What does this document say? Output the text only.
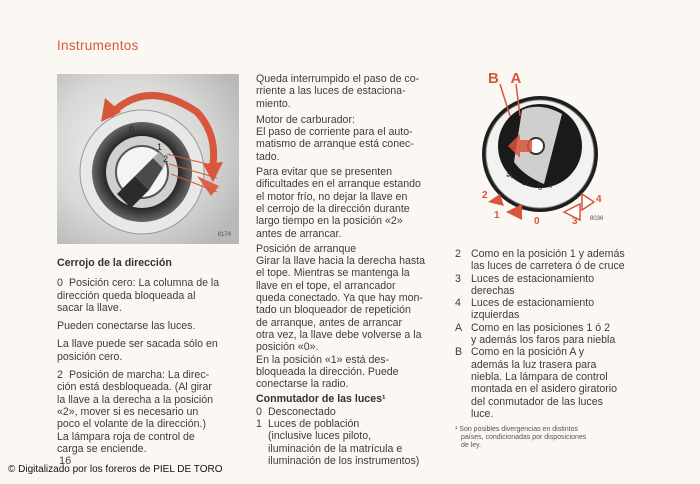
Instrumentos
0
1
2
8174

Cerrojo de la dirección

0 Posición cero: La columna de la

dirección queda bloqueada al

sacar la llave.

Pueden conectarse las luces.

La llave puede ser sacada sólo en

posición cero.

2 Posición de marcha: La direc-

ción está desbloqueada. (Al girar

la llave a la derecha a la posición

«2», mover si es necesario un

poco el volante de la dirección.)

La lámpara roja de control de

carga se enciende.

Queda interrumpido el paso de co-

rriente a las luces de estaciona-

miento.

Motor de carburador:

El paso de corriente para el auto-

matismo de arranque está conec-

tado.

Para evitar que se presenten

dificultades en el arranque estando

el motor frío, no dejar la llave en

el cerrojo de la dirección durante

largo tiempo en la posición «2»

antes de arrancar.

Posición de arranque

Girar la llave hacia la derecha hasta

el tope. Mientras se mantenga la

llave en el tope, el arrancador

queda conectado. Ya que hay mon-

tado un bloqueador de repetición

de arranque, antes de arrancar

otra vez, la llave debe volverse a la

posición «0».

En la posición «1» está des-

bloqueada la dirección. Puede

conectarse la radio.

Conmutador de las luces¹

0 Desconectado

1 Luces de población

(inclusive luces piloto,

iluminación de la matrícula e

iluminación de los instrumentos)

B A
≡D
≡D 0 P
2
1
0	3
4
8036

2 Como en la posición 1 y además

las luces de carretera ó de cruce

3 Luces de estacionamiento

derechas

4 Luces de estacionamiento

izquierdas

A Como en las posiciones 1 ó 2

y además los faros para niebla

B Como en la posición A y

además la luz trasera para

niebla. La lámpara de control

montada en el asidero giratorio

del conmutador de las luces

luce.

¹ Son posibles divergencias en distintos

países, condicionadas por disposiciones

de ley.

16
© Digitalizado por los foreros de PIEL DE TORO
